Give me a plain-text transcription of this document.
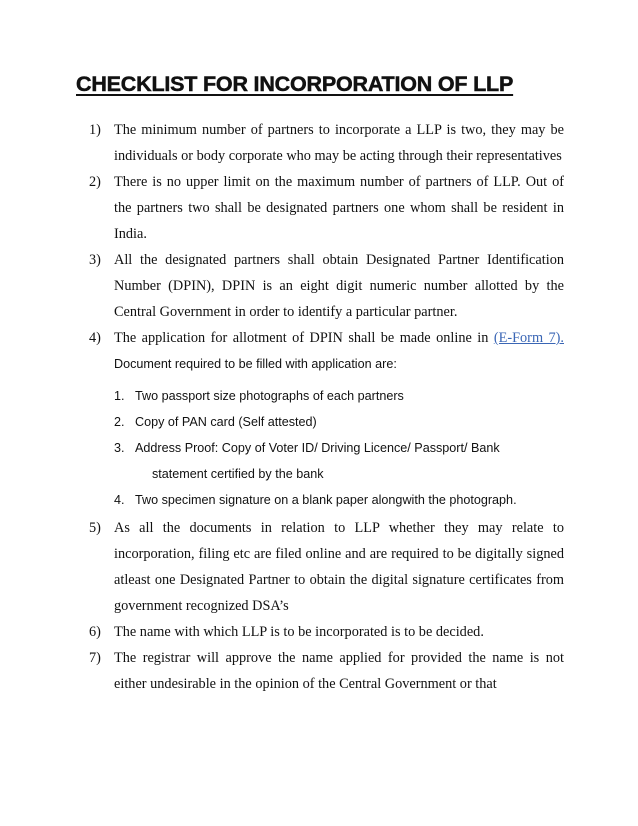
CHECKLIST FOR INCORPORATION OF LLP
1) The minimum number of partners to incorporate a LLP is two, they may be individuals or body corporate who may be acting through their representatives
2) There is no upper limit on the maximum number of partners of LLP. Out of the partners two shall be designated partners one whom shall be resident in India.
3) All the designated partners shall obtain Designated Partner Identification Number (DPIN), DPIN is an eight digit numeric number allotted by the Central Government in order to identify a particular partner.
4) The application for allotment of DPIN shall be made online in (E-Form 7). Document required to be filled with application are:
1. Two passport size photographs of each partners
2. Copy of PAN card (Self attested)
3. Address Proof: Copy of Voter ID/ Driving Licence/ Passport/ Bank
statement certified by the bank
4. Two specimen signature on a blank paper alongwith the photograph.
5) As all the documents in relation to LLP whether they may relate to incorporation, filing etc are filed online and are required to be digitally signed atleast one Designated Partner to obtain the digital signature certificates from government recognized DSA’s
6) The name with which LLP is to be incorporated is to be decided.
7) The registrar will approve the name applied for provided the name is not either undesirable in the opinion of the Central Government or that
